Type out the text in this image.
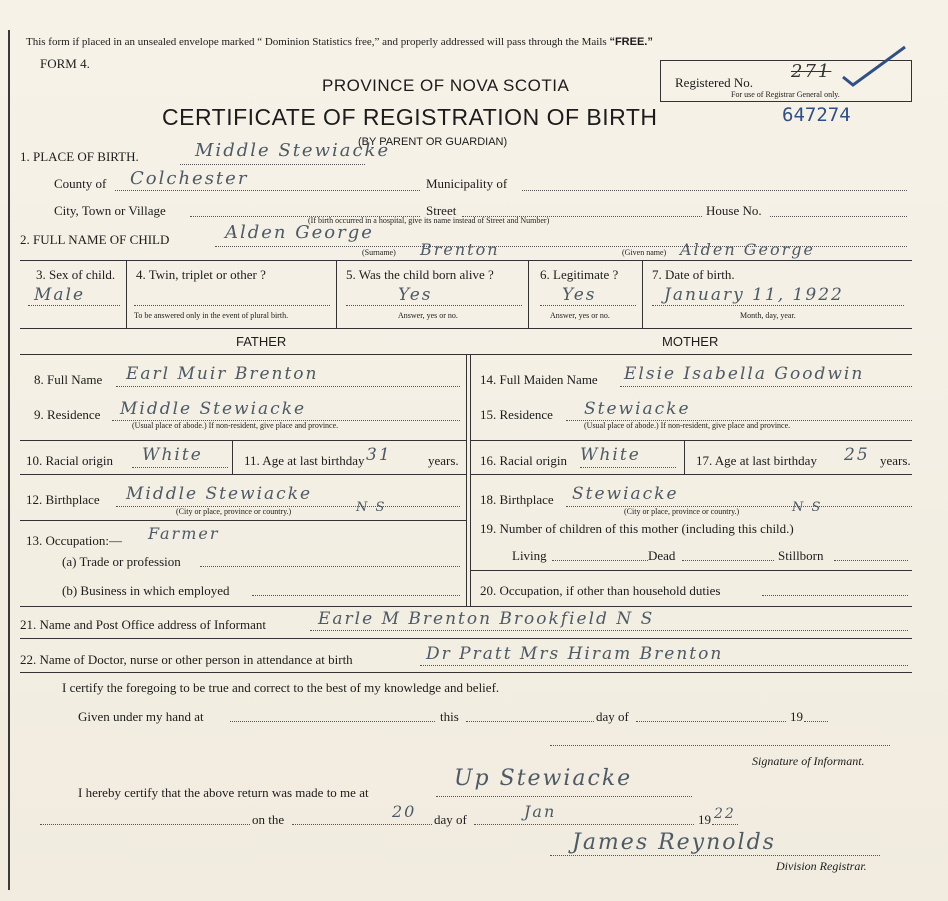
This form if placed in an unsealed envelope marked “ Dominion Statistics free,” and properly addressed will pass through the Mails “FREE.”
FORM 4.
Registered No.
271
For use of Registrar General only.
PROVINCE OF NOVA SCOTIA
CERTIFICATE OF REGISTRATION OF BIRTH	647274
(BY PARENT OR GUARDIAN)
1. PLACE OF BIRTH.	Middle Stewiacke
County of Colchester	Municipality of
City, Town or Village	Street	House No.
(If birth occurred in a hospital, give its name instead of Street and Number)
2. FULL NAME OF CHILD	Alden George
(Surname) Brenton	(Given name) Alden George
3. Sex of child.
Male
4. Twin, triplet or other ?
To be answered only in the event of plural birth.
5. Was the child born alive ?
Yes
Answer, yes or no.
6. Legitimate ?
Yes
Answer, yes or no.
7. Date of birth.
January 11, 1922
Month, day, year.
FATHER	MOTHER
8. Full Name Earl Muir Brenton
9. Residence Middle Stewiacke
(Usual place of abode.) If non-resident, give place and province.
10. Racial origin White	11. Age at last birthday 31	years.
12. Birthplace Middle Stewiacke
N S
(City or place, province or country.)
13. Occupation:— Farmer
(a) Trade or profession
(b) Business in which employed
14. Full Maiden Name Elsie Isabella Goodwin
15. Residence Stewiacke
(Usual place of abode.) If non-resident, give place and province.
16. Racial origin White	17. Age at last birthday 25 years.
18. Birthplace Stewiacke
N S
(City or place, province or country.)
19. Number of children of this mother (including this child.)
Living	Dead	Stillborn
20. Occupation, if other than household duties
21. Name and Post Office address of Informant	Earle M Brenton Brookfield N S
22. Name of Doctor, nurse or other person in attendance at birth	Dr Pratt Mrs Hiram Brenton
I certify the foregoing to be true and correct to the best of my knowledge and belief.
Given under my hand at	this	day of	19
Signature of Informant.
I hereby certify that the above return was made to me at
Up Stewiacke
on the	20 day of	Jan	19 22
James Reynolds
Division Registrar.
